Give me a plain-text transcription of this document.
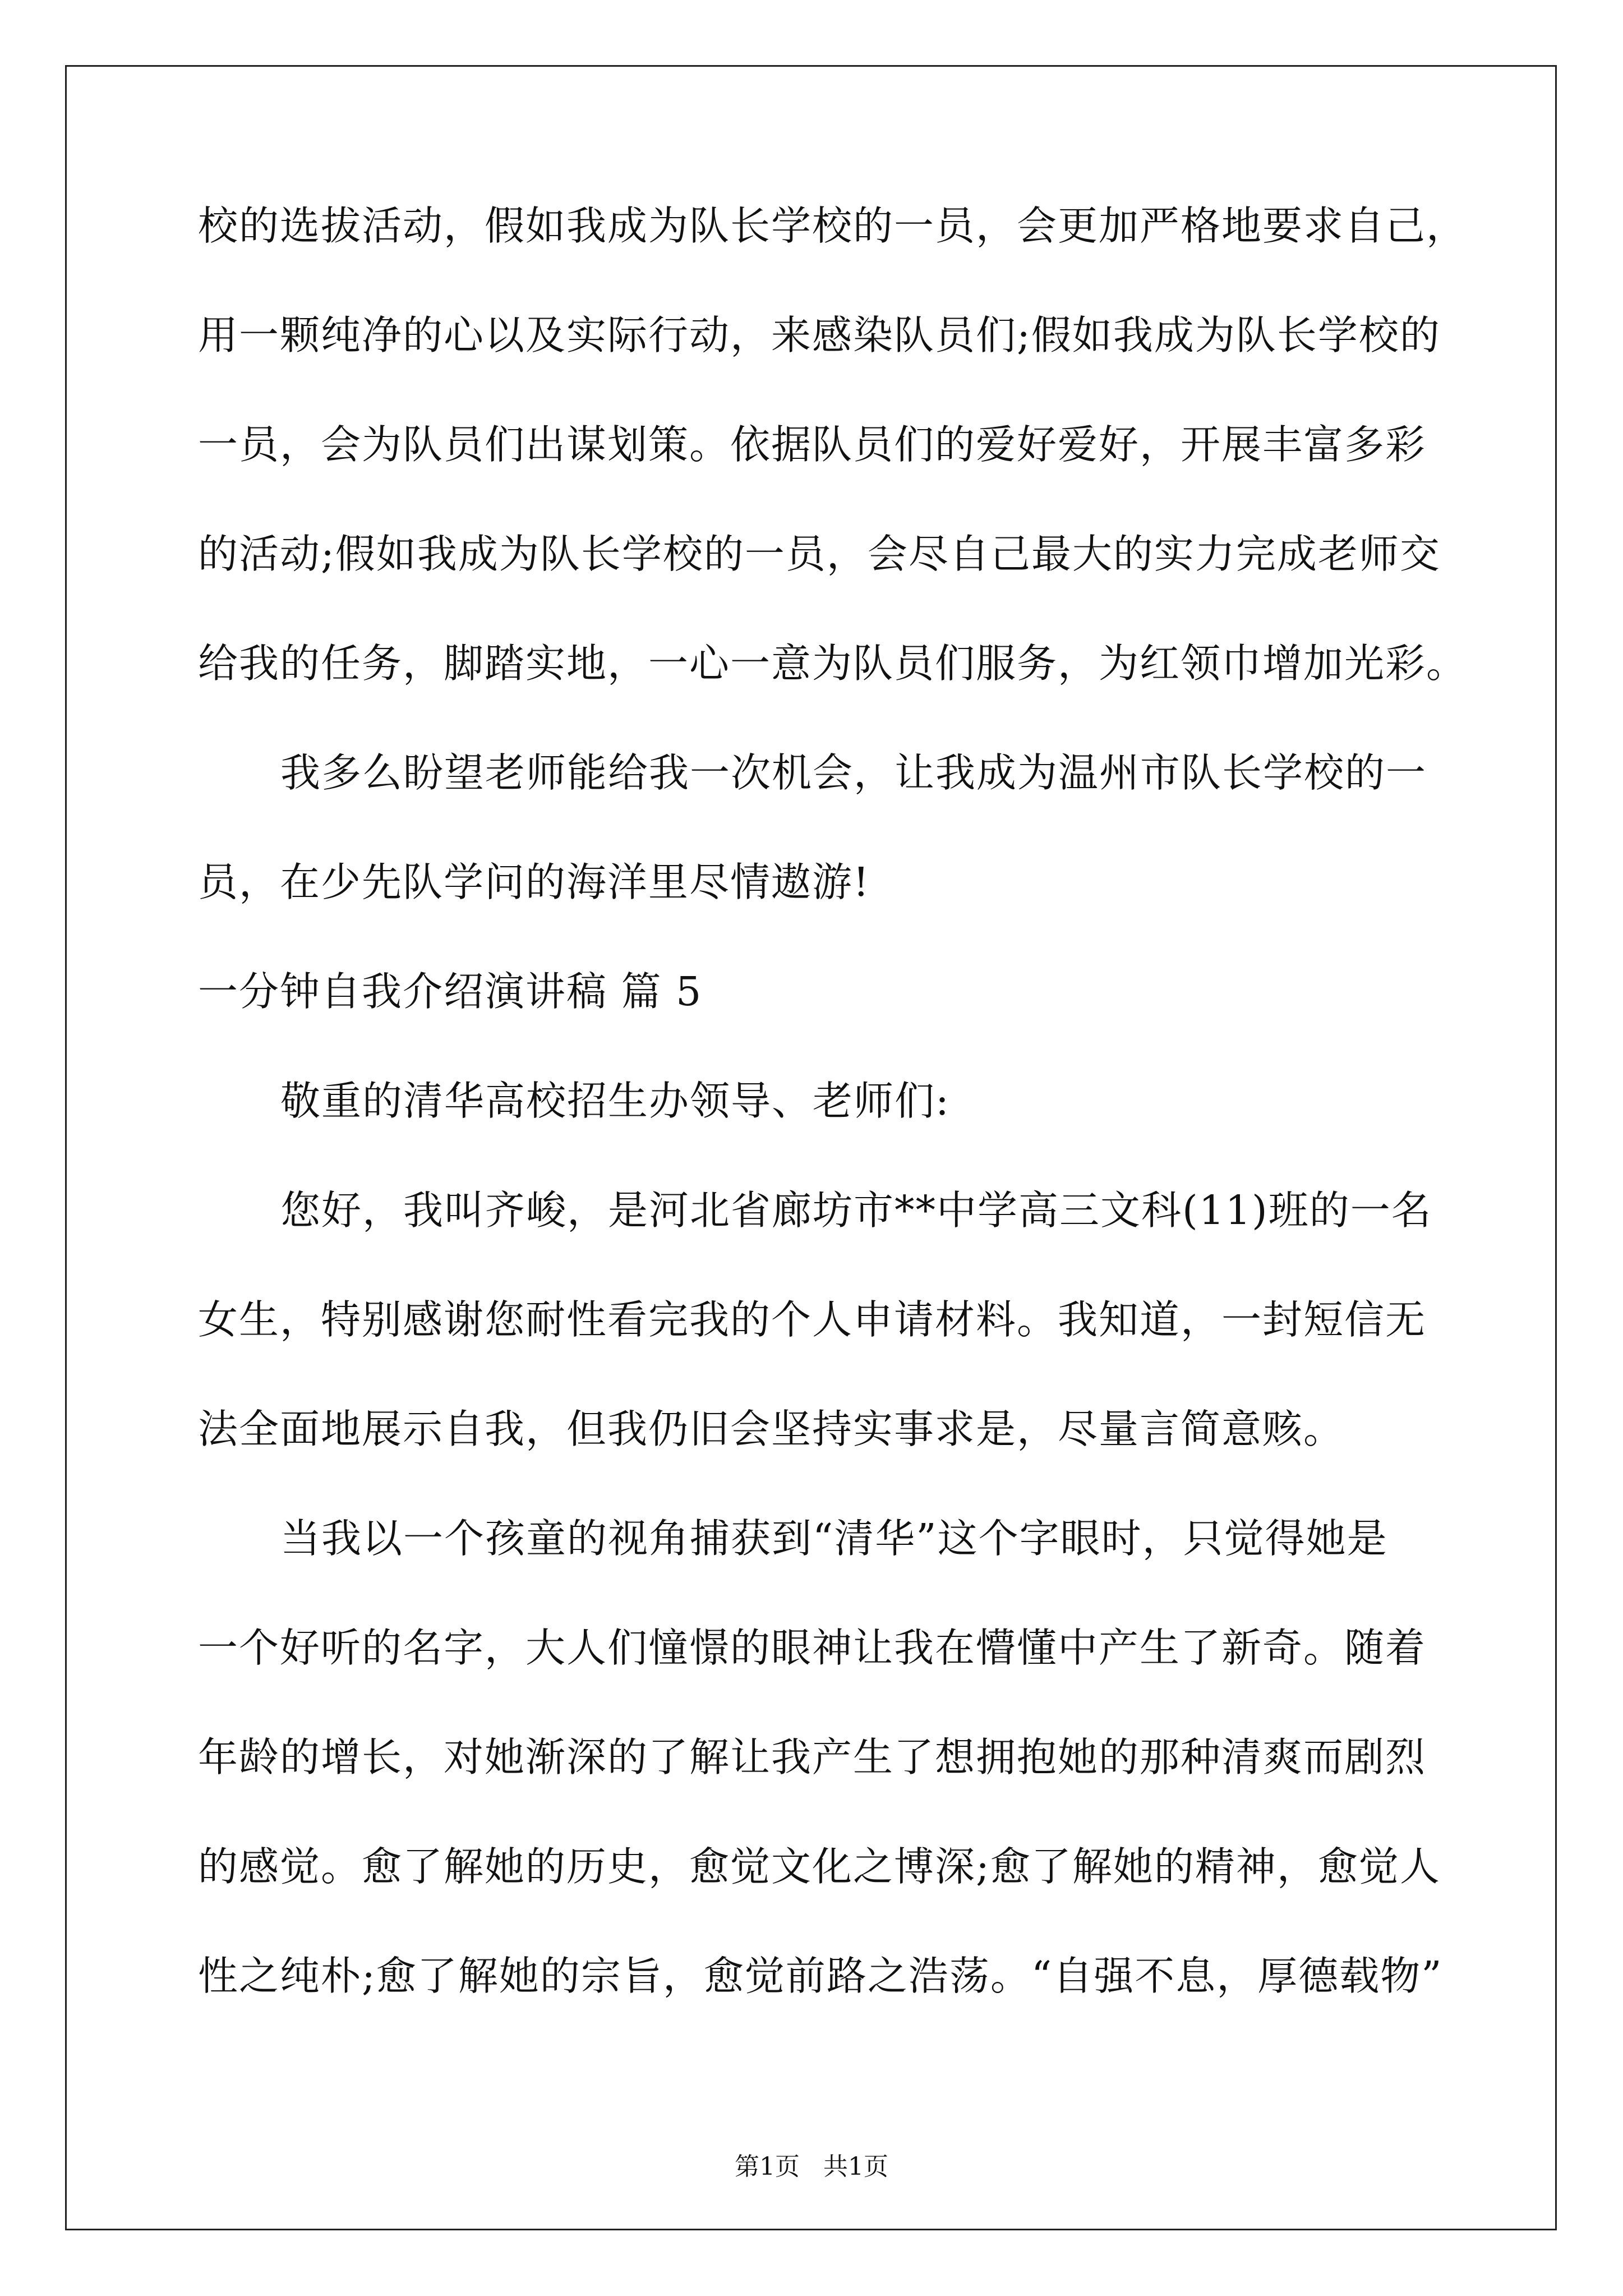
校的选拔活动，假如我成为队长学校的一员，会更加严格地要求自己，
用一颗纯净的心以及实际行动，来感染队员们;假如我成为队长学校的
一员，会为队员们出谋划策。依据队员们的爱好爱好，开展丰富多彩
的活动;假如我成为队长学校的一员，会尽自己最大的实力完成老师交
给我的任务，脚踏实地，一心一意为队员们服务，为红领巾增加光彩。
我多么盼望老师能给我一次机会，让我成为温州市队长学校的一
员，在少先队学问的海洋里尽情遨游!
一分钟自我介绍演讲稿 篇 5
敬重的清华高校招生办领导、老师们:
您好，我叫齐峻，是河北省廊坊市**中学高三文科(11)班的一名
女生，特别感谢您耐性看完我的个人申请材料。我知道，一封短信无
法全面地展示自我，但我仍旧会坚持实事求是，尽量言简意赅。
当我以一个孩童的视角捕获到“清华”这个字眼时，只觉得她是
一个好听的名字，大人们憧憬的眼神让我在懵懂中产生了新奇。随着
年龄的增长，对她渐深的了解让我产生了想拥抱她的那种清爽而剧烈
的感觉。愈了解她的历史，愈觉文化之博深;愈了解她的精神，愈觉人
性之纯朴;愈了解她的宗旨，愈觉前路之浩荡。“自强不息，厚德载物”
第1页   共1页
